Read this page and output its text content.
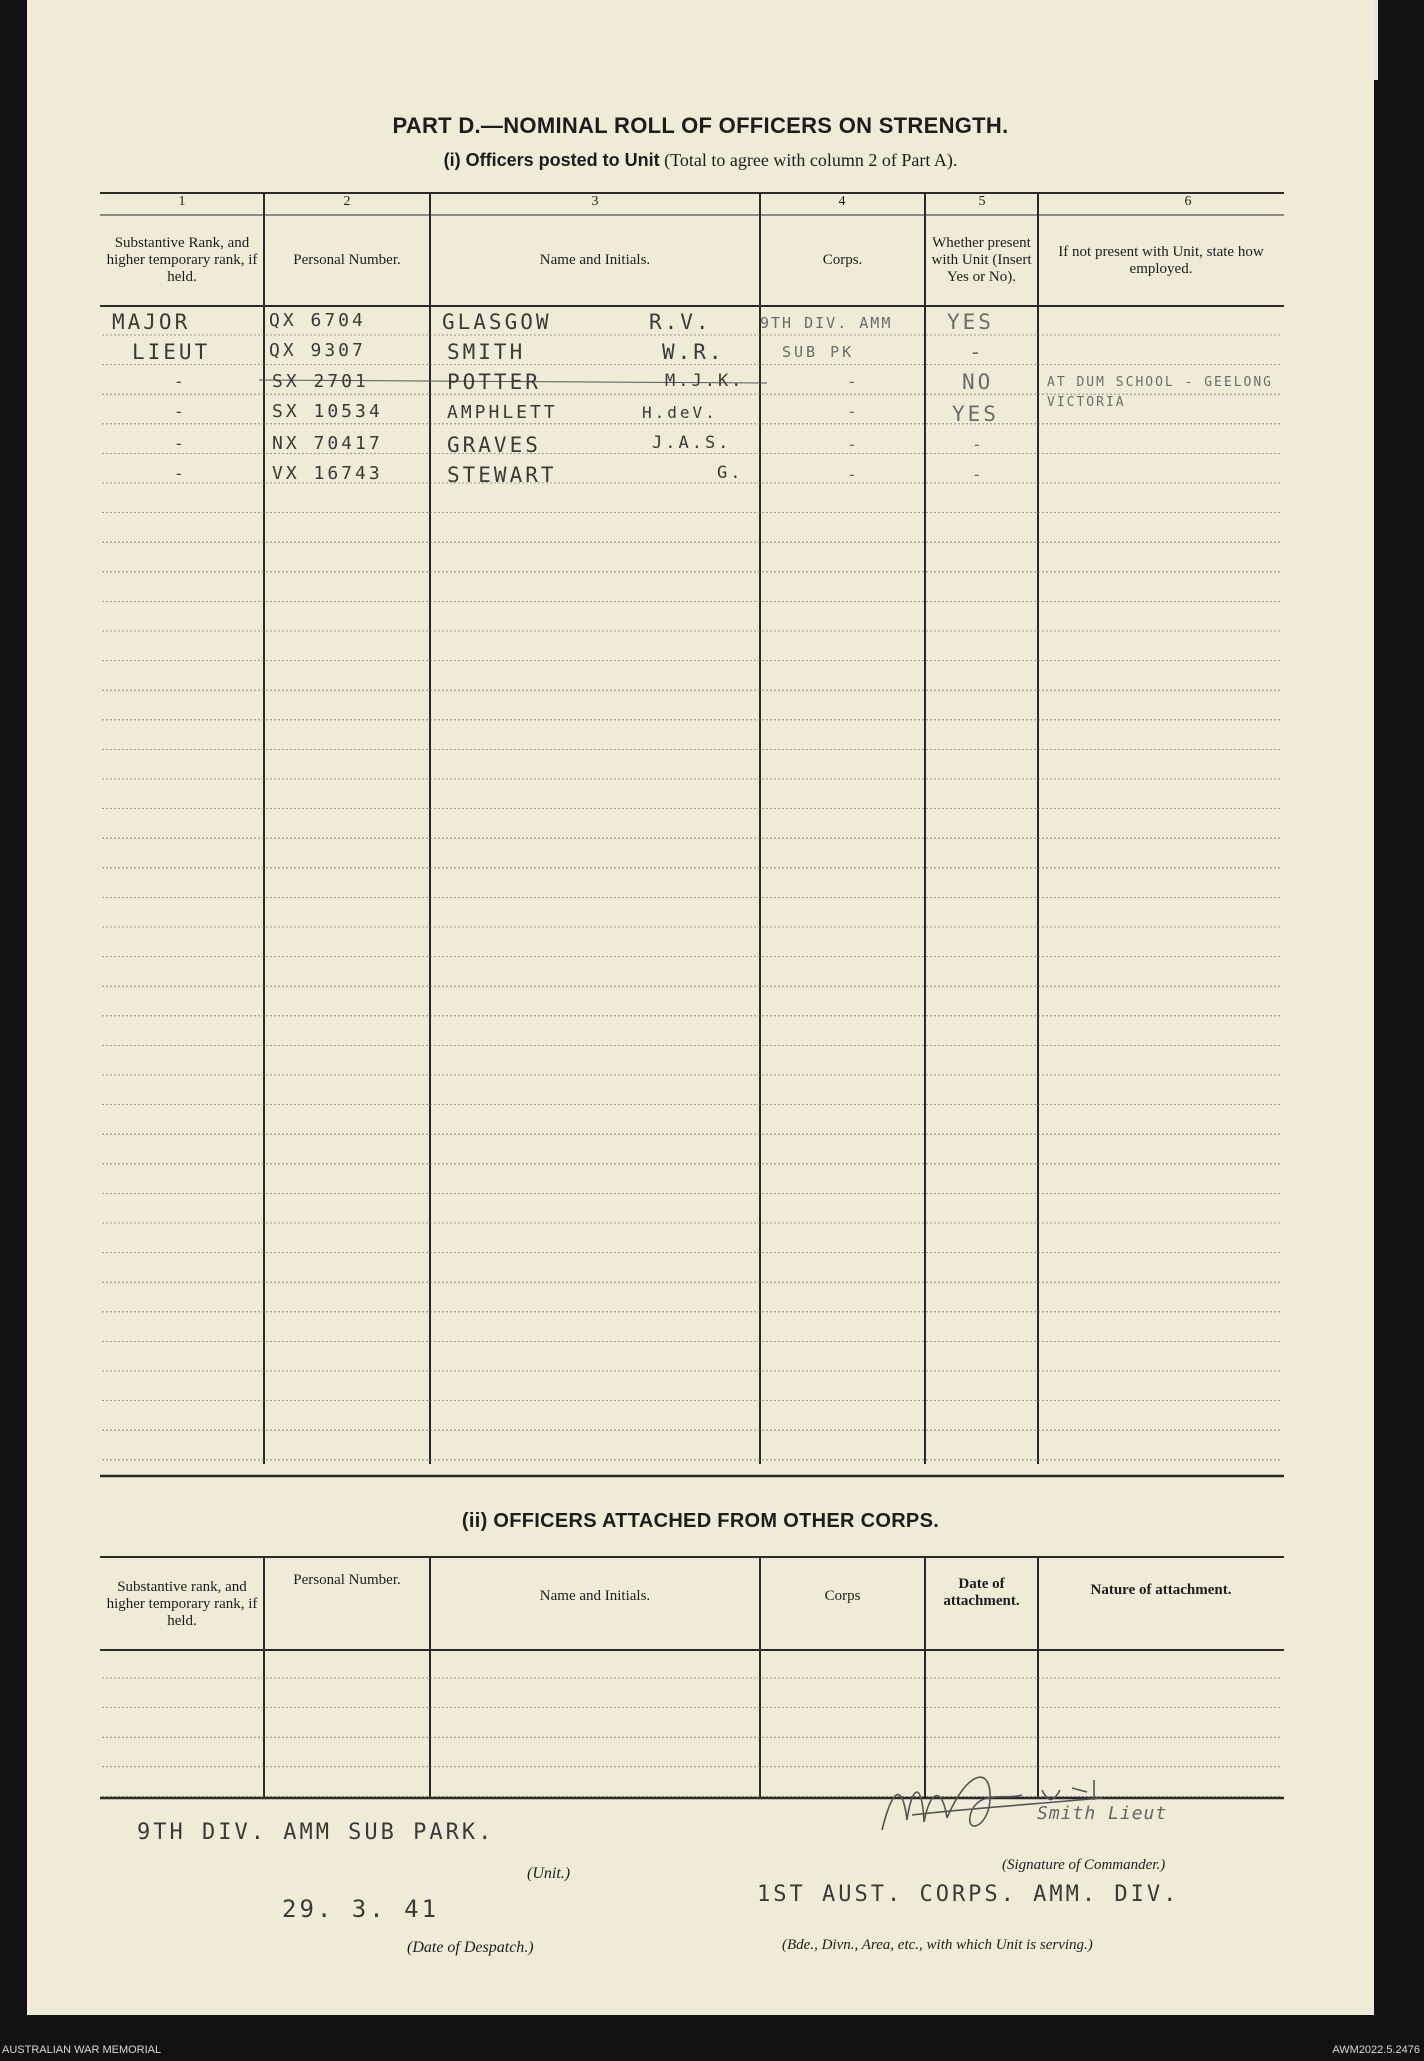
PART D.—NOMINAL ROLL OF OFFICERS ON STRENGTH.
(i) Officers posted to Unit (Total to agree with column 2 of Part A).
1	2	3	4	5	6
Substantive Rank, and higher temporary rank, if held.
Personal Number.	Name and Initials.	Corps.
Whether present with Unit (Insert Yes or No).
If not present with Unit, state how employed.
MAJOR	QX 6704	GLASGOW	R.V.	9TH DIV. AMM	YES
LIEUT	QX 9307	SMITH	W.R.	SUB PK	-
-	SX 2701	POTTER	M.J.K.	-	NO	AT DUM SCHOOL - GEELONG VICTORIA
-	SX 10534	AMPHLETT	H.deV.	-	YES
-	NX 70417	GRAVES	J.A.S.	-	-
-	VX 16743	STEWART	G.	-	-
(ii) OFFICERS ATTACHED FROM OTHER CORPS.
Substantive rank, and higher temporary rank, if held.
Personal Number.
Name and Initials.	Corps
Date of attachment.
Nature of attachment.
9TH DIV. AMM SUB PARK.
(Unit.)
29. 3. 41
(Date of Despatch.)
Smith Lieut
(Signature of Commander.)
1ST AUST. CORPS. AMM. DIV.
(Bde., Divn., Area, etc., with which Unit is serving.)
AUSTRALIAN WAR MEMORIAL	AWM2022.5.2476
